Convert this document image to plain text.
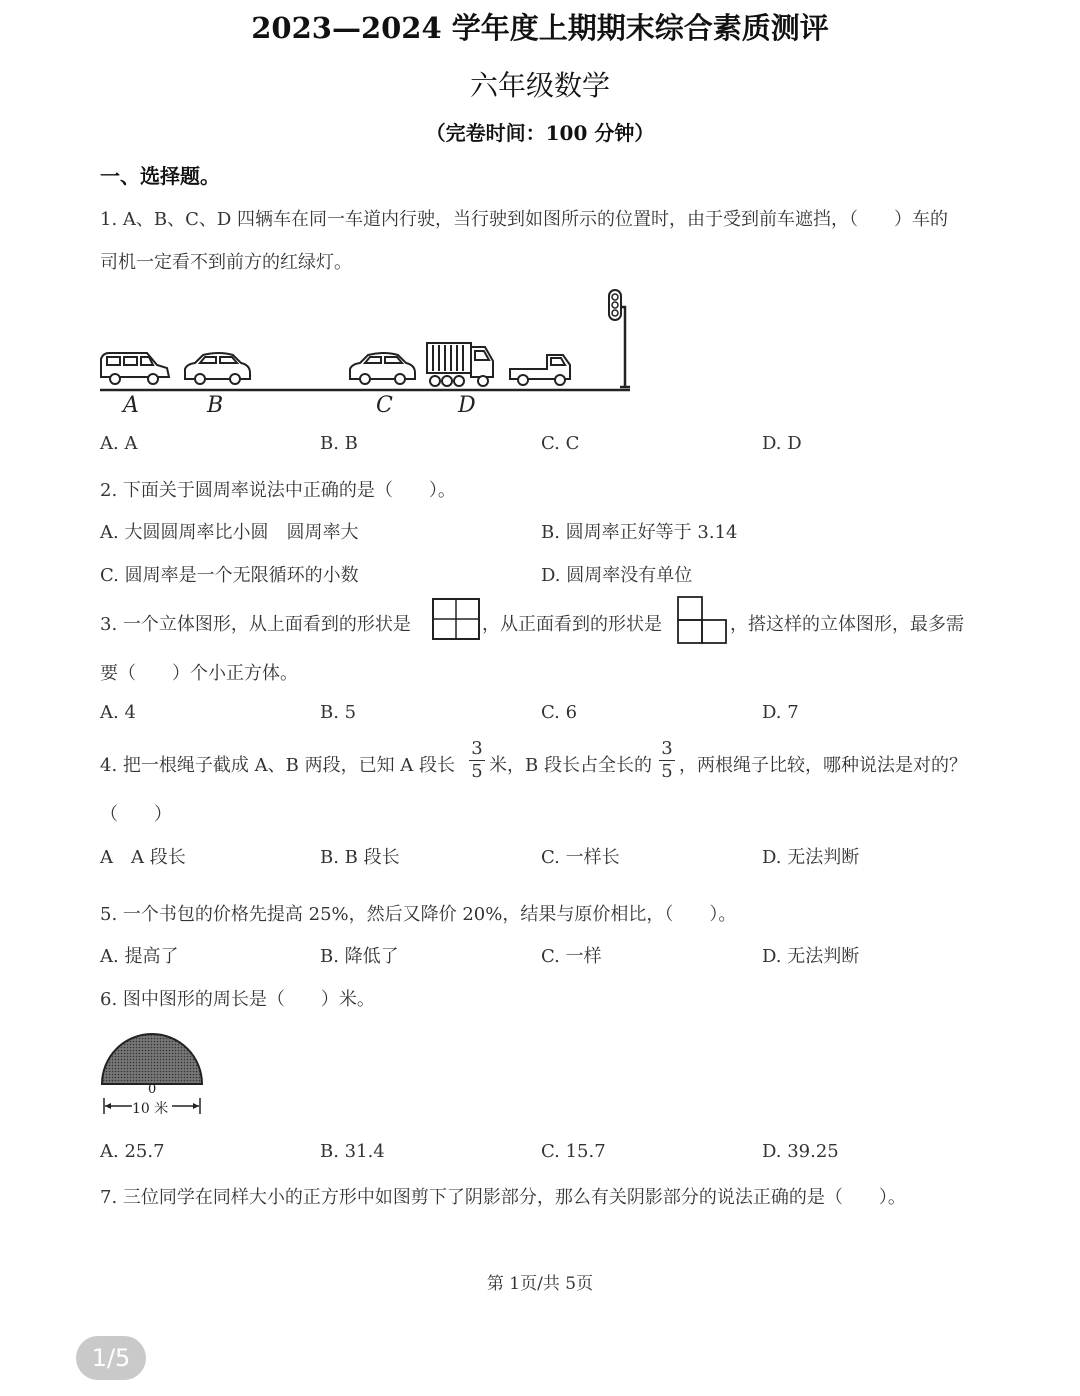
2023—2024 学年度上期期末综合素质测评
六年级数学
（完卷时间：100 分钟）
一、选择题。
1. A、B、C、D 四辆车在同一车道内行驶，当行驶到如图所示的位置时，由于受到前车遮挡，（　　）车的
司机一定看不到前方的红绿灯。
A	B	C	D
A. A	B. B	C. C	D. D
2. 下面关于圆周率说法中正确的是（　　）。
A. 大圆圆周率比小圆　圆周率大	B. 圆周率正好等于 3.14
C. 圆周率是一个无限循环的小数	D. 圆周率没有单位
3. 一个立体图形，从上面看到的形状是	，从正面看到的形状是	，搭这样的立体图形，最多需
要（　　）个小正方体。
A. 4	B. 5	C. 6	D. 7
4. 把一根绳子截成 A、B 两段，已知 A 段长
3
5 米，B 段长占全长的
3
5 ，两根绳子比较，哪种说法是对的？
（　　）
A　A 段长	B. B 段长	C. 一样长	D. 无法判断
5. 一个书包的价格先提高 25%，然后又降价 20%，结果与原价相比，（　　）。
A. 提高了	B. 降低了	C. 一样	D. 无法判断
6. 图中图形的周长是（　　）米。
0
10 米
A. 25.7	B. 31.4	C. 15.7	D. 39.25
7. 三位同学在同样大小的正方形中如图剪下了阴影部分，那么有关阴影部分的说法正确的是（　　）。
第 1页/共 5页
1/5
